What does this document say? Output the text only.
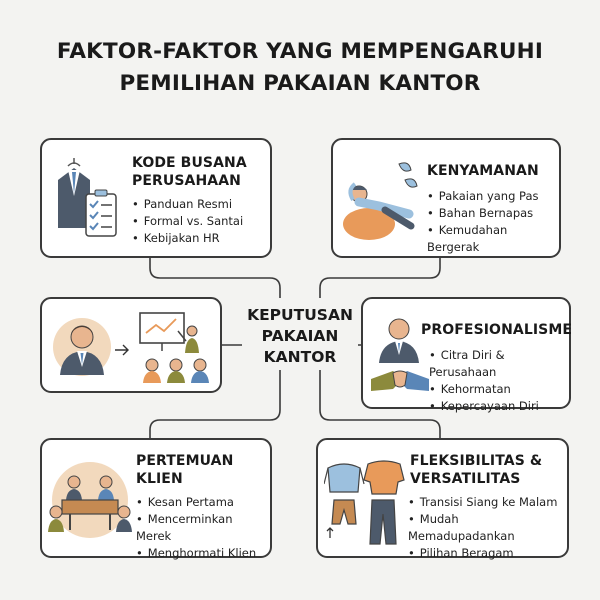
FAKTOR-FAKTOR YANG MEMPENGARUHI
PEMILIHAN PAKAIAN KANTOR
KODE BUSANA
PERUSAHAAN
• Panduan Resmi
• Formal vs. Santai
• Kebijakan HR
KENYAMANAN
• Pakaian yang Pas
• Bahan Bernapas
• Kemudahan Bergerak
KEPUTUSAN
PAKAIAN
KANTOR
PROFESIONALISME
• Citra Diri & Perusahaan
• Kehormatan
• Kepercayaan Diri
PERTEMUAN
KLIEN
• Kesan Pertama
• Mencerminkan Merek
• Menghormati Klien
FLEKSIBILITAS &
VERSATILITAS
• Transisi Siang ke Malam
• Mudah Memadupadankan
• Pilihan Beragam
